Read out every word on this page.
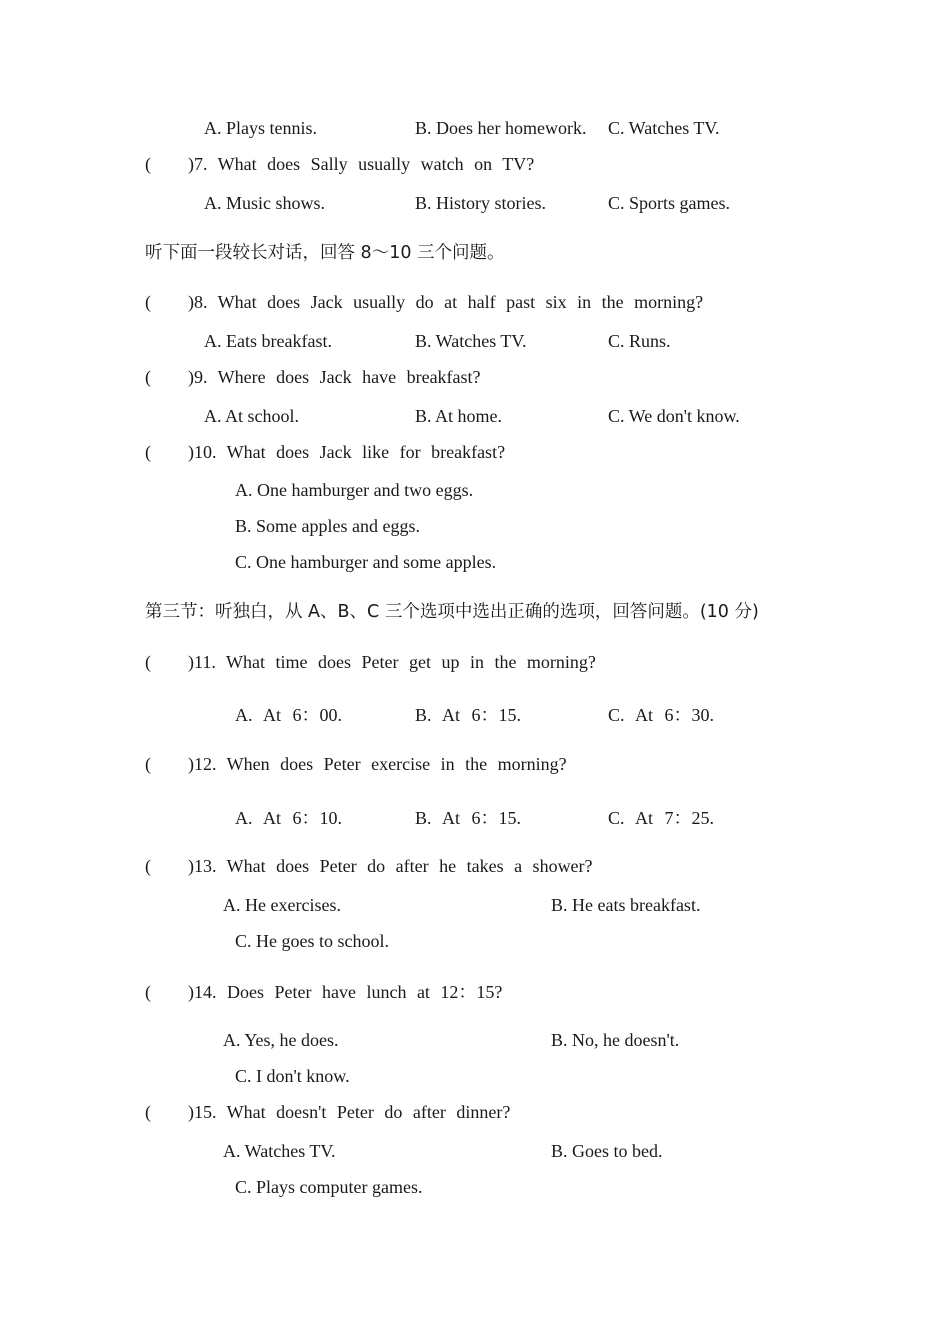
A. Plays tennis.	B. Does her homework. C. Watches TV.
( )7. What does Sally usually watch on TV?
A. Music shows.	B. History stories.	C. Sports games.
听下面一段较长对话，回答 8～10 三个问题。
( )8. What does Jack usually do at half past six in the morning?
A. Eats breakfast.	B. Watches TV.	C. Runs.
( )9. Where does Jack have breakfast?
A. At school.	B. At home.	C. We don't know.
( )10. What does Jack like for breakfast?
A. One hamburger and two eggs.
B. Some apples and eggs.
C. One hamburger and some apples.
第三节：听独白，从 A、B、C 三个选项中选出正确的选项，回答问题。(10 分)
( )11. What time does Peter get up in the morning?
A. At 6：00.	B. At 6：15.	C. At 6：30.
( )12. When does Peter exercise in the morning?
A. At 6：10.	B. At 6：15.	C. At 7：25.
( )13. What does Peter do after he takes a shower?
A. He exercises.	B. He eats breakfast.
C. He goes to school.
( )14. Does Peter have lunch at 12：15?
A. Yes, he does.	B. No, he doesn't.
C. I don't know.
( )15. What doesn't Peter do after dinner?
A. Watches TV.	B. Goes to bed.
C. Plays computer games.
